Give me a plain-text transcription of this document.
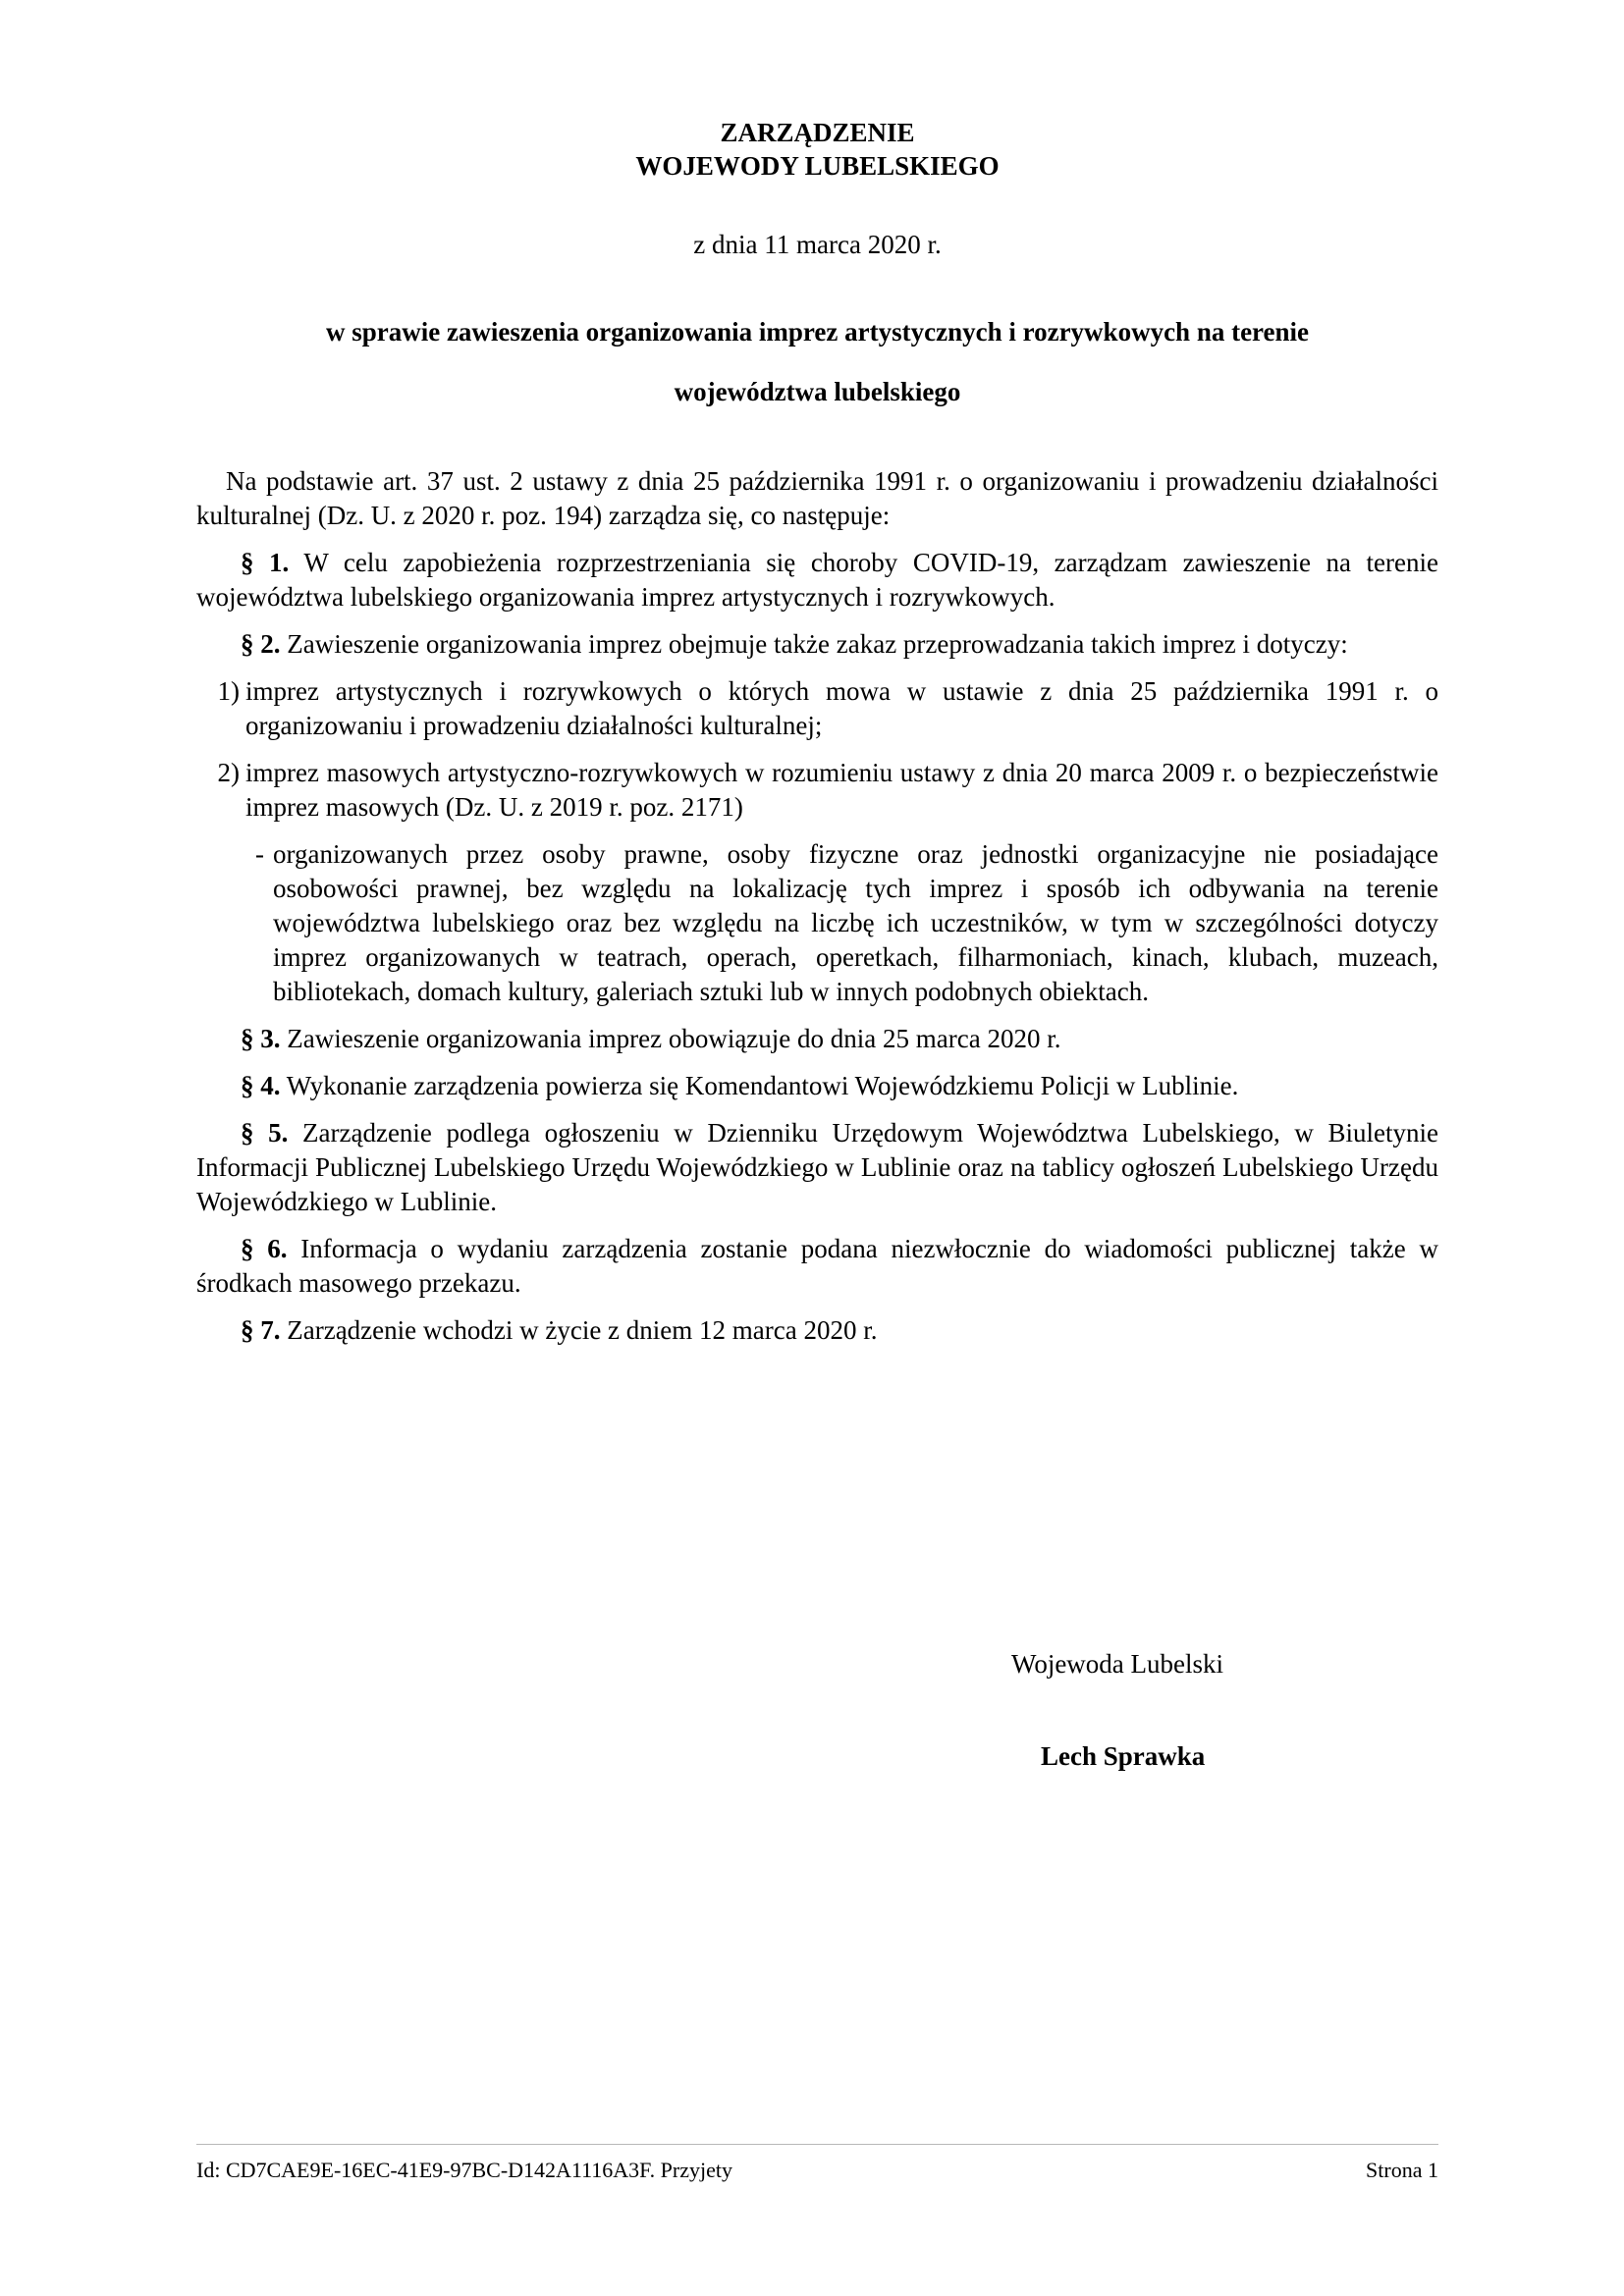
ZARZĄDZENIE
WOJEWODY LUBELSKIEGO
z dnia 11 marca 2020 r.
w sprawie zawieszenia organizowania imprez artystycznych i rozrywkowych na terenie
województwa lubelskiego

Na podstawie art. 37 ust. 2 ustawy z dnia 25 października 1991 r. o organizowaniu i prowadzeniu działalności kulturalnej (Dz. U. z 2020 r. poz. 194) zarządza się, co następuje:

§ 1. W celu zapobieżenia rozprzestrzeniania się choroby COVID-19, zarządzam zawieszenie na terenie województwa lubelskiego organizowania imprez artystycznych i rozrywkowych.

§ 2. Zawieszenie organizowania imprez obejmuje także zakaz przeprowadzania takich imprez i dotyczy:

1) imprez artystycznych i rozrywkowych o których mowa w ustawie z dnia 25 października 1991 r. o organizowaniu i prowadzeniu działalności kulturalnej;
2) imprez masowych artystyczno-rozrywkowych w rozumieniu ustawy z dnia 20 marca 2009 r. o bezpieczeństwie imprez masowych (Dz. U. z 2019 r. poz. 2171)
- organizowanych przez osoby prawne, osoby fizyczne oraz jednostki organizacyjne nie posiadające osobowości prawnej, bez względu na lokalizację tych imprez i sposób ich odbywania na terenie województwa lubelskiego oraz bez względu na liczbę ich uczestników, w tym w szczególności dotyczy imprez organizowanych w teatrach, operach, operetkach, filharmoniach, kinach, klubach, muzeach, bibliotekach, domach kultury, galeriach sztuki lub w innych podobnych obiektach.

§ 3. Zawieszenie organizowania imprez obowiązuje do dnia 25 marca 2020 r.

§ 4. Wykonanie zarządzenia powierza się Komendantowi Wojewódzkiemu Policji w Lublinie.

§ 5. Zarządzenie podlega ogłoszeniu w Dzienniku Urzędowym Województwa Lubelskiego, w Biuletynie Informacji Publicznej Lubelskiego Urzędu Wojewódzkiego w Lublinie oraz na tablicy ogłoszeń Lubelskiego Urzędu Wojewódzkiego w Lublinie.

§ 6. Informacja o wydaniu zarządzenia zostanie podana niezwłocznie do wiadomości publicznej także w środkach masowego przekazu.

§ 7. Zarządzenie wchodzi w życie z dniem 12 marca 2020 r.

Wojewoda Lubelski
Lech Sprawka
Id: CD7CAE9E-16EC-41E9-97BC-D142A1116A3F. Przyjety	Strona 1
